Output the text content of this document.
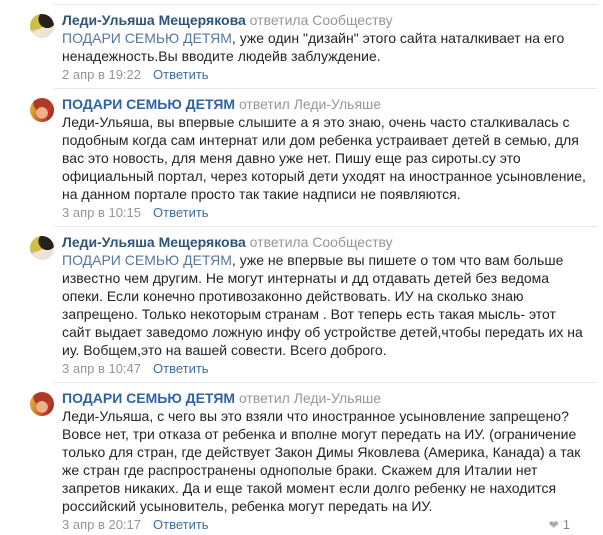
Леди-Ульяша Мещерякова ответила Сообществу
ПОДАРИ СЕМЬЮ ДЕТЯМ, уже один "дизайн" этого сайта наталкивает на его ненадежность.Вы вводите людейв заблуждение.
2 апр в 19:22 Ответить
ПОДАРИ СЕМЬЮ ДЕТЯМ ответил Леди-Ульяше
Леди-Ульяша, вы впервые слышите а я это знаю, очень часто сталкивалась с подобным когда сам интернат или дом ребенка устраивает детей в семью, для вас это новость, для меня давно уже нет. Пишу еще раз сироты.су это официальный портал, через который дети уходят на иностранное усыновление, на данном портале просто так такие надписи не появляются.
3 апр в 10:15 Ответить
Леди-Ульяша Мещерякова ответила Сообществу
ПОДАРИ СЕМЬЮ ДЕТЯМ, уже не впервые вы пишете о том что вам больше известно чем другим. Не могут интернаты и дд отдавать детей без ведома опеки. Если конечно противозаконно действовать. ИУ на сколько знаю запрещено. Только некоторым странам . Вот теперь есть такая мысль- этот сайт выдает заведомо ложную инфу об устройстве детей,чтобы передать их на иу. Вобщем,это на вашей совести. Всего доброго.
3 апр в 10:47 Ответить
ПОДАРИ СЕМЬЮ ДЕТЯМ ответил Леди-Ульяше
Леди-Ульяша, с чего вы это взяли что иностранное усыновление запрещено? Вовсе нет, три отказа от ребенка и вполне могут передать на ИУ. (ограничение только для стран, где действует Закон Димы Яковлева (Америка, Канада) а так же стран где распространены однополые браки. Скажем для Италии нет запретов никаких. Да и еще такой момент если долго ребенку не находится российский усыновитель, ребенка могут передать на ИУ.
3 апр в 20:17 Ответить	❤ 1
